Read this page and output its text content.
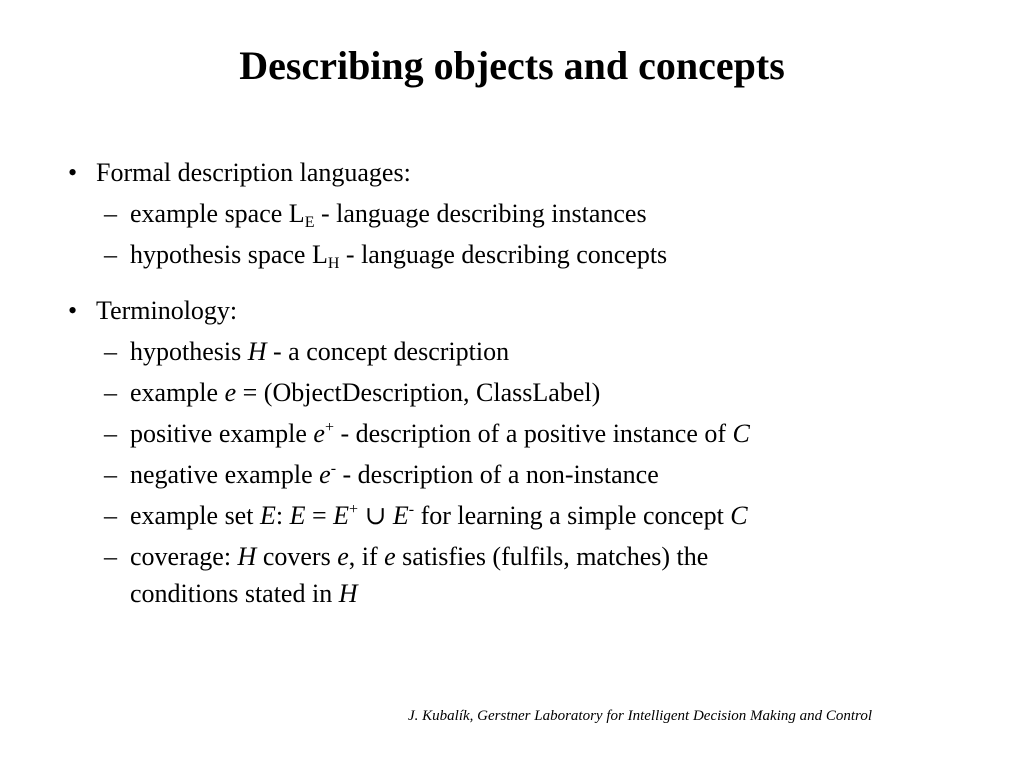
Describing objects and concepts
• Formal description languages:
– example space $L_E$ - language describing instances
– hypothesis space $L_H$ - language describing concepts
• Terminology:
– hypothesis H - a concept description
– example e = (ObjectDescription, ClassLabel)
– positive example e+ - description of a positive instance of C
– negative example e- - description of a non-instance
– example set E: E = E+ ∪ E- for learning a simple concept C
– coverage: H covers e, if e satisfies (fulfils, matches) the
conditions stated in H
J. Kubalík, Gerstner Laboratory for Intelligent Decision Making and Control
